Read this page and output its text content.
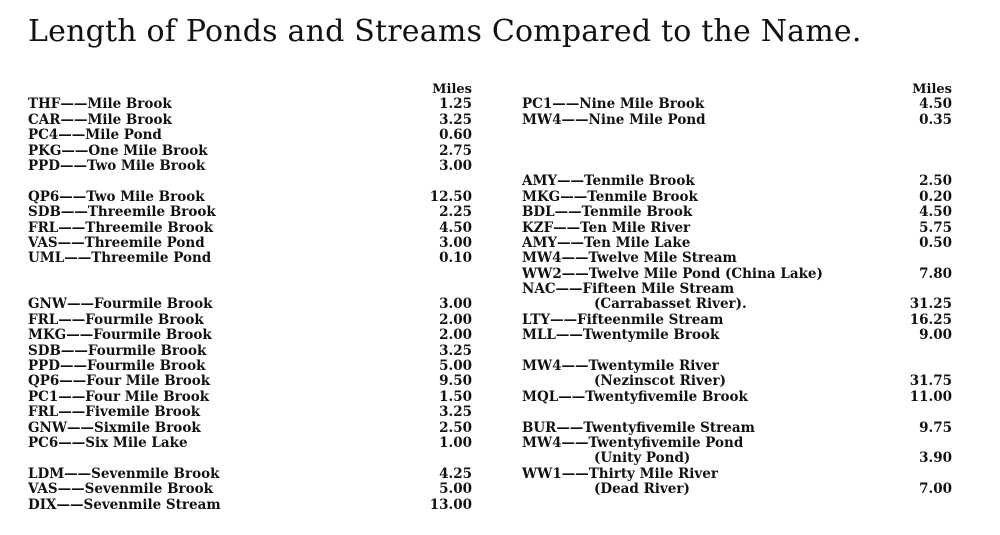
Length of Ponds and Streams Compared to the Name.
Miles
THF——Mile Brook	1.25
CAR——Mile Brook	3.25
PC4——Mile Pond	0.60
PKG——One Mile Brook	2.75
PPD——Two Mile Brook	3.00
QP6——Two Mile Brook	12.50
SDB——Threemile Brook	2.25
FRL——Threemile Brook	4.50
VAS——Threemile Pond	3.00
UML——Threemile Pond	0.10
GNW——Fourmile Brook	3.00
FRL——Fourmile Brook	2.00
MKG——Fourmile Brook	2.00
SDB——Fourmile Brook	3.25
PPD——Fourmile Brook	5.00
QP6——Four Mile Brook	9.50
PC1——Four Mile Brook	1.50
FRL——Fivemile Brook	3.25
GNW——Sixmile Brook	2.50
PC6——Six Mile Lake	1.00
LDM——Sevenmile Brook	4.25
VAS——Sevenmile Brook	5.00
DIX——Sevenmile Stream	13.00
Miles
PC1——Nine Mile Brook	4.50
MW4——Nine Mile Pond	0.35
AMY——Tenmile Brook	2.50
MKG——Tenmile Brook	0.20
BDL——Tenmile Brook	4.50
KZF——Ten Mile River	5.75
AMY——Ten Mile Lake	0.50
MW4——Twelve Mile Stream
WW2——Twelve Mile Pond (China Lake)	7.80
NAC——Fifteen Mile Stream
(Carrabasset River).	31.25
LTY——Fifteenmile Stream	16.25
MLL——Twentymile Brook	9.00
MW4——Twentymile River
(Nezinscot River)	31.75
MQL——Twentyfivemile Brook	11.00
BUR——Twentyfivemile Stream	9.75
MW4——Twentyfivemile Pond
(Unity Pond)	3.90
WW1——Thirty Mile River
(Dead River)	7.00
